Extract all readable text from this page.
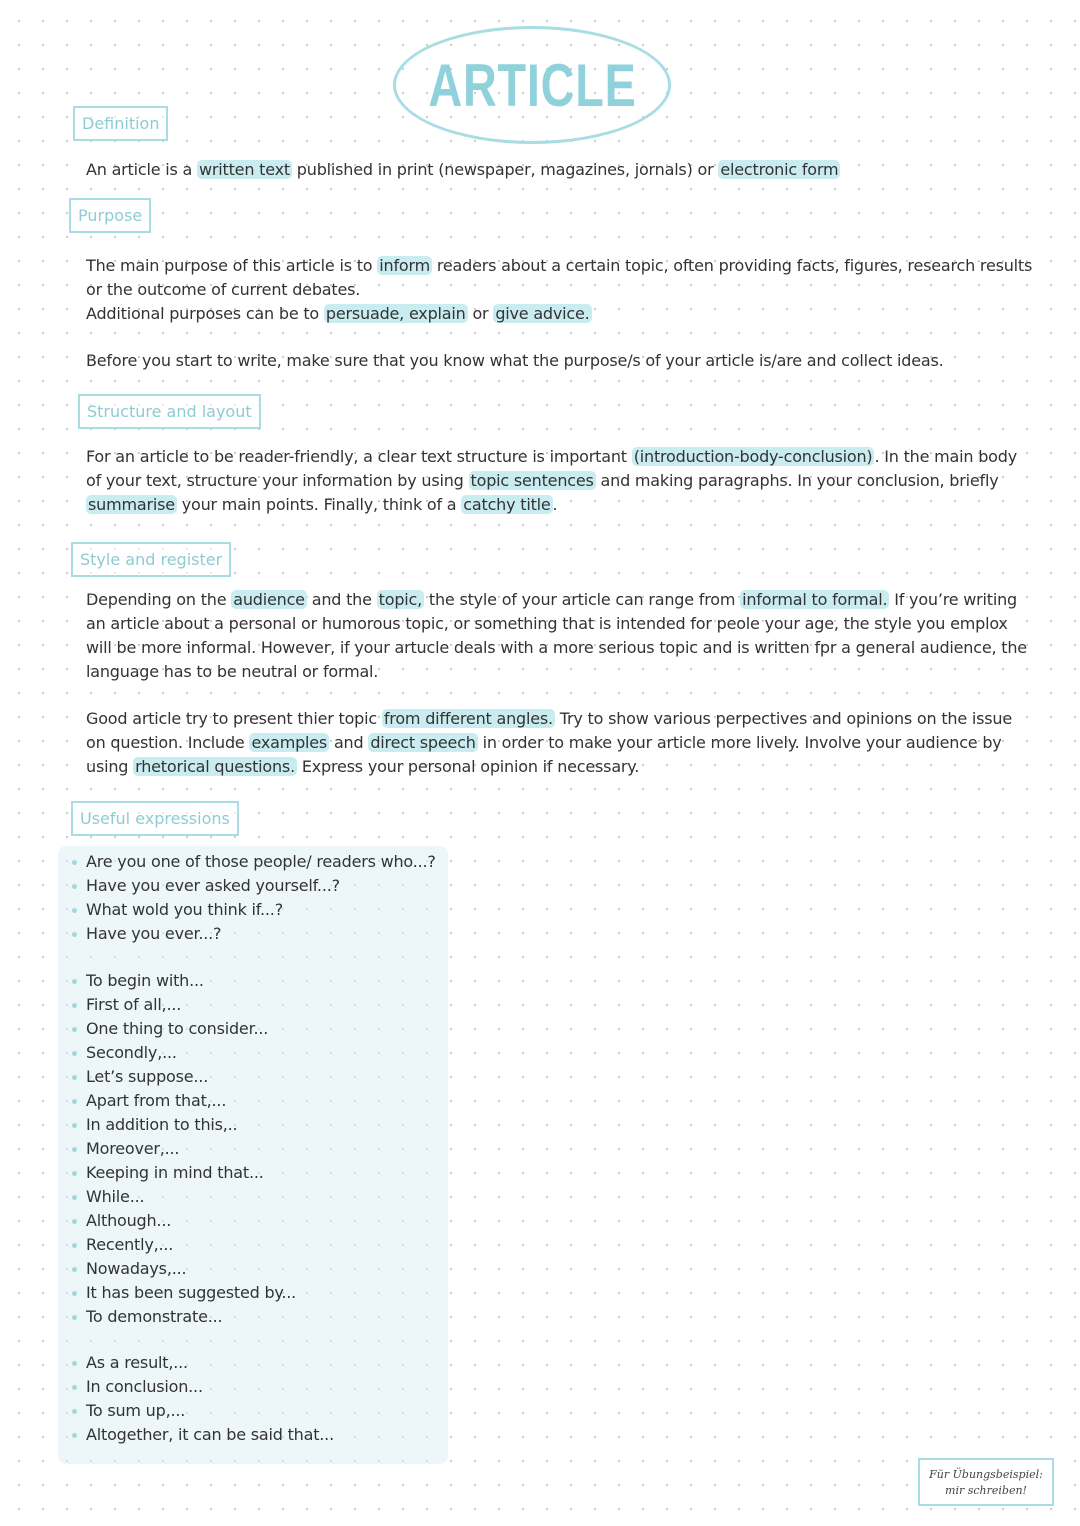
ARTICLE
Definition
An article is a written text published in print (newspaper, magazines, jornals) or electronic form
Purpose
The main purpose of this article is to inform readers about a certain topic, often providing facts, figures, research results or the outcome of current debates.
Additional purposes can be to persuade, explain or give advice.
Before you start to write, make sure that you know what the purpose/s of your article is/are and collect ideas.
Structure and layout
For an article to be reader-friendly, a clear text structure is important (introduction-body-conclusion) . In the main body of your text, structure your information by using topic sentences and making paragraphs. In your conclusion, briefly summarise your main points. Finally, think of a catchy title .
Style and register
Depending on the audience and the topic, the style of your article can range from informal to formal. If you’re writing an article about a personal or humorous topic, or something that is intended for peole your age, the style you emplox will be more informal. However, if your artucle deals with a more serious topic and is written fpr a general audience, the language has to be neutral or formal.
Good article try to present thier topic from different angles. Try to show various perpectives and opinions on the issue on question. Include examples and direct speech in order to make your article more lively. Involve your audience by using rhetorical questions. Express your personal opinion if necessary.
Useful expressions
Are you one of those people/ readers who...?
Have you ever asked yourself...?
What wold you think if...?
Have you ever...?
To begin with...
First of all,...
One thing to consider...
Secondly,...
Let’s suppose...
Apart from that,...
In addition to this,..
Moreover,...
Keeping in mind that...
While...
Although...
Recently,...
Nowadays,...
It has been suggested by...
To demonstrate...
As a result,...
In conclusion...
To sum up,...
Altogether, it can be said that...
Für Übungsbeispiel:
mir schreiben!
